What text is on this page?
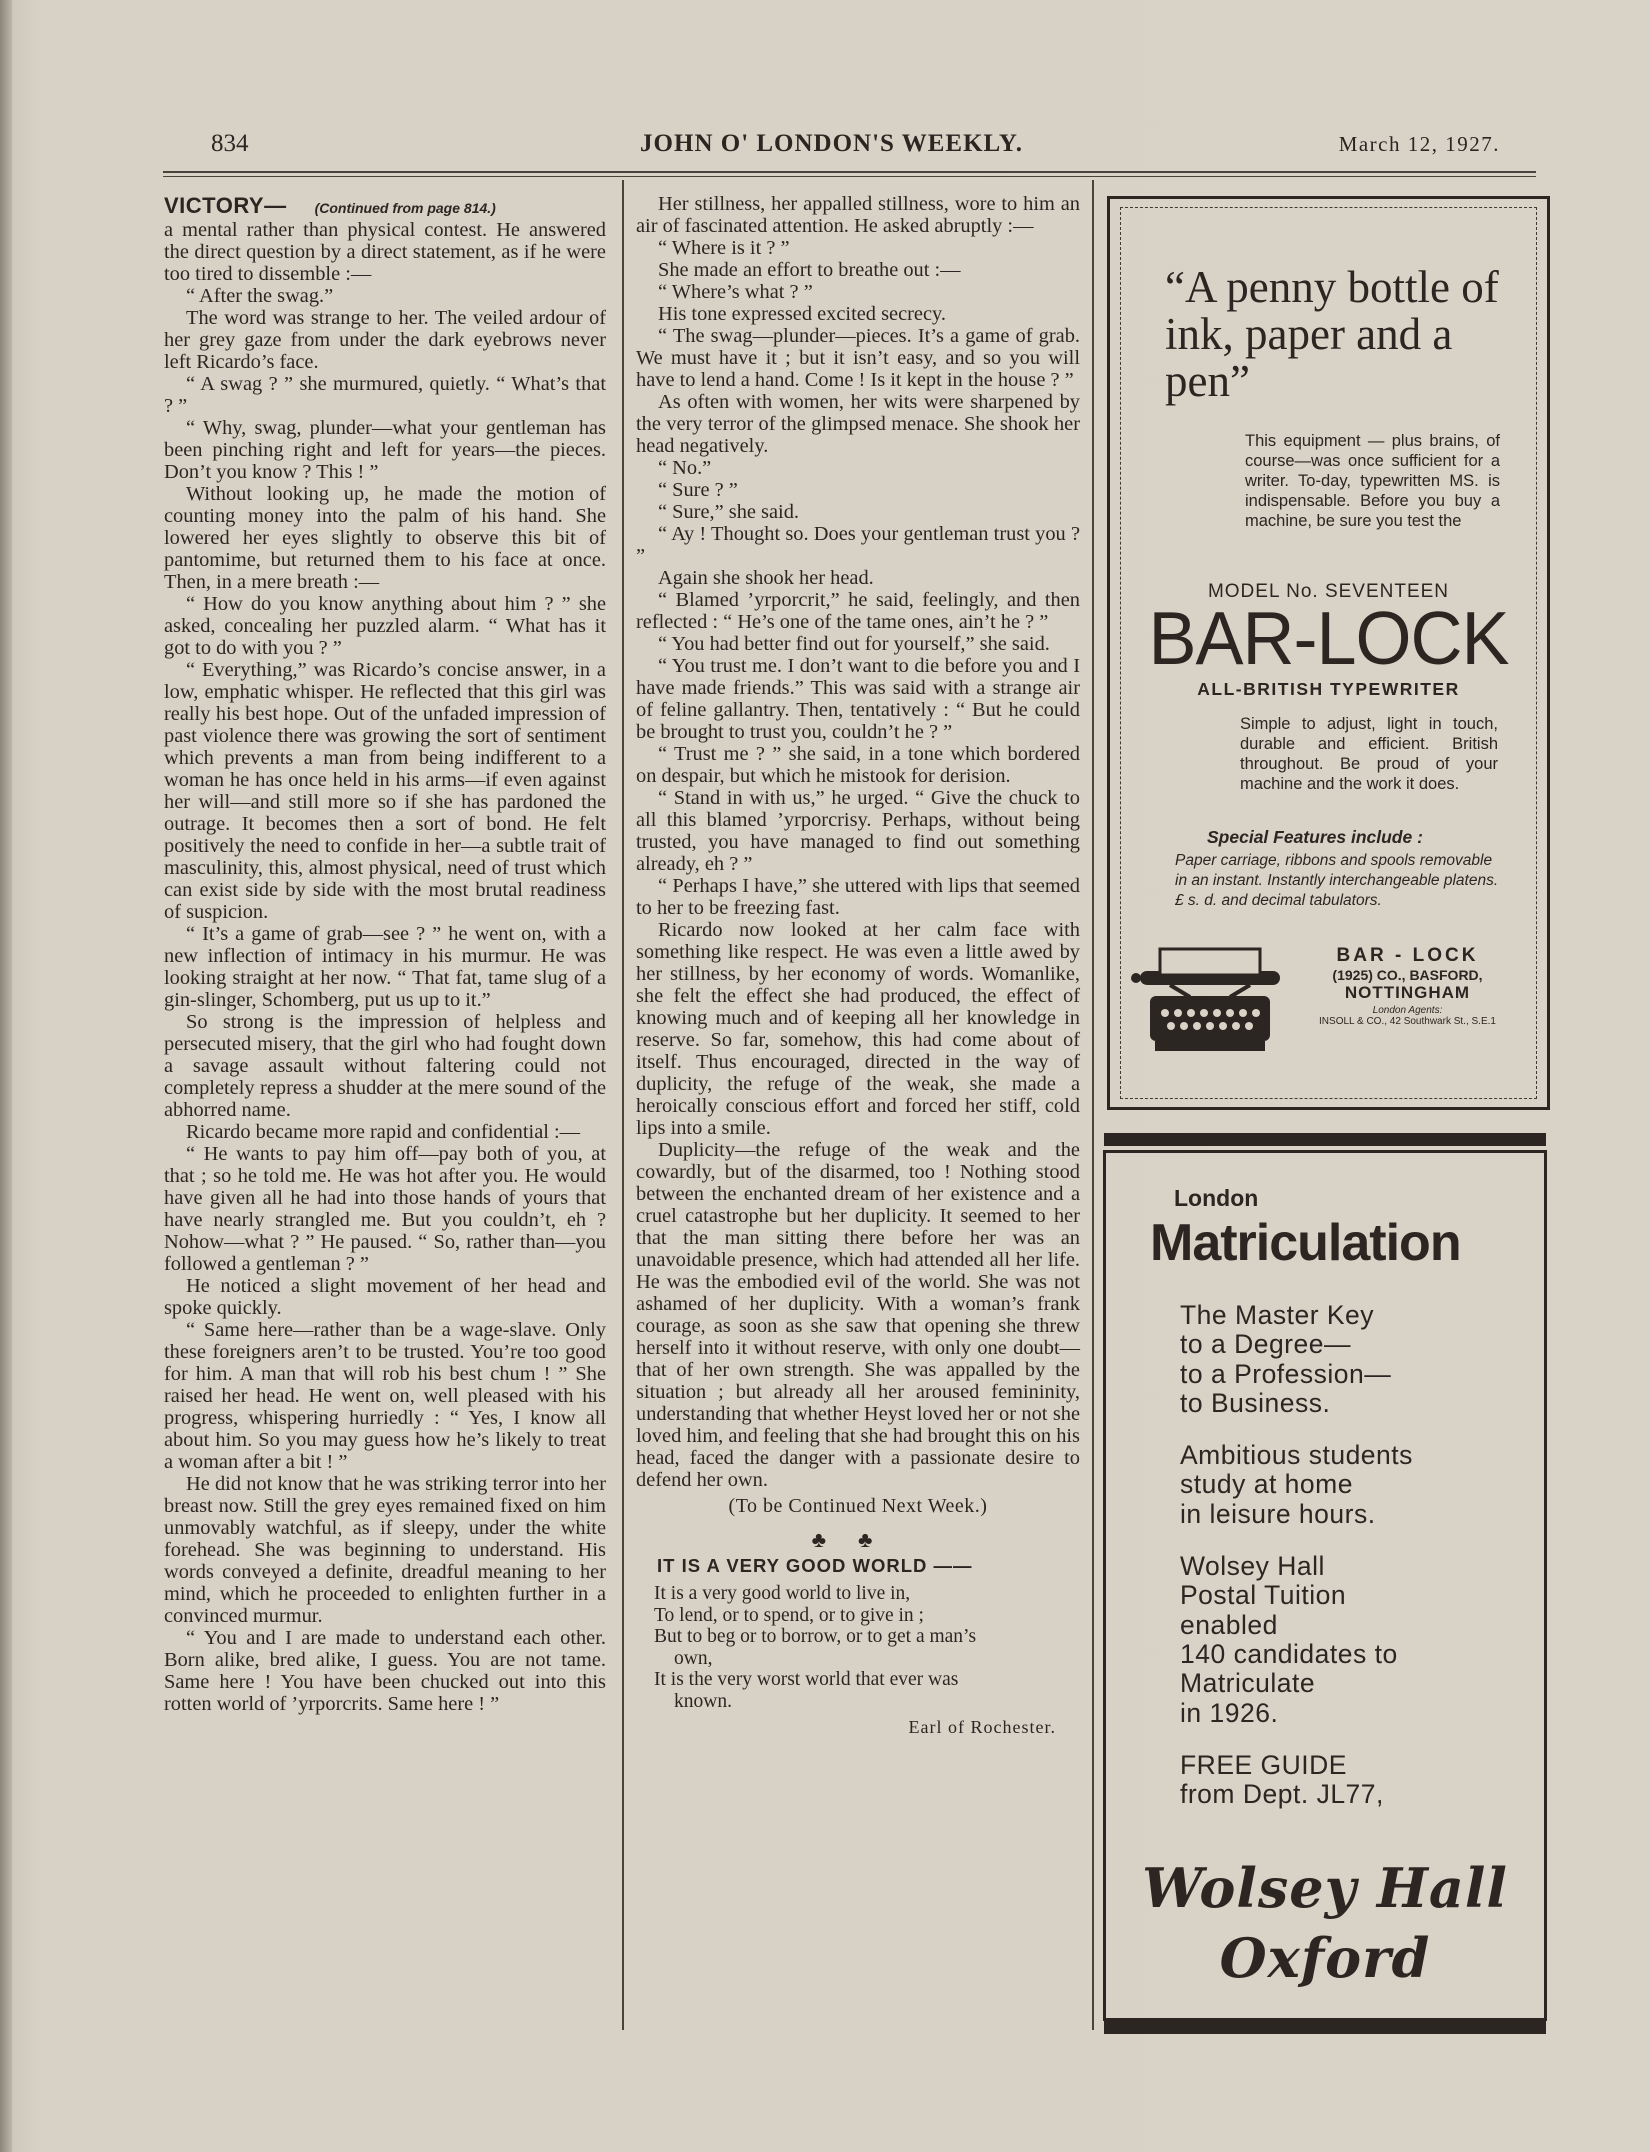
834	JOHN O' LONDON'S WEEKLY.	March 12, 1927.
VICTORY— (Continued from page 814.)

a mental rather than physical contest. He answered the direct question by a direct statement, as if he were too tired to dissemble :—

“ After the swag.”

The word was strange to her. The veiled ardour of her grey gaze from under the dark eyebrows never left Ricardo’s face.

“ A swag ? ” she murmured, quietly. “ What’s that ? ”

“ Why, swag, plunder—what your gentleman has been pinching right and left for years—the pieces. Don’t you know ? This ! ”

Without looking up, he made the motion of counting money into the palm of his hand. She lowered her eyes slightly to observe this bit of pantomime, but returned them to his face at once. Then, in a mere breath :—

“ How do you know anything about him ? ” she asked, concealing her puzzled alarm. “ What has it got to do with you ? ”

“ Everything,” was Ricardo’s concise answer, in a low, emphatic whisper. He reflected that this girl was really his best hope. Out of the unfaded impression of past violence there was growing the sort of sentiment which prevents a man from being indifferent to a woman he has once held in his arms—if even against her will—and still more so if she has pardoned the outrage. It becomes then a sort of bond. He felt positively the need to confide in her—a subtle trait of masculinity, this, almost physical, need of trust which can exist side by side with the most brutal readiness of suspicion.

“ It’s a game of grab—see ? ” he went on, with a new inflection of intimacy in his murmur. He was looking straight at her now. “ That fat, tame slug of a gin-slinger, Schomberg, put us up to it.”

So strong is the impression of helpless and persecuted misery, that the girl who had fought down a savage assault without faltering could not completely repress a shudder at the mere sound of the abhorred name.

Ricardo became more rapid and confidential :—

“ He wants to pay him off—pay both of you, at that ; so he told me. He was hot after you. He would have given all he had into those hands of yours that have nearly strangled me. But you couldn’t, eh ? Nohow—what ? ” He paused. “ So, rather than—you followed a gentleman ? ”

He noticed a slight movement of her head and spoke quickly.

“ Same here—rather than be a wage-slave. Only these foreigners aren’t to be trusted. You’re too good for him. A man that will rob his best chum ! ” She raised her head. He went on, well pleased with his progress, whispering hurriedly : “ Yes, I know all about him. So you may guess how he’s likely to treat a woman after a bit ! ”

He did not know that he was striking terror into her breast now. Still the grey eyes remained fixed on him unmovably watchful, as if sleepy, under the white forehead. She was beginning to understand. His words conveyed a definite, dreadful meaning to her mind, which he proceeded to enlighten further in a convinced murmur.

“ You and I are made to understand each other. Born alike, bred alike, I guess. You are not tame. Same here ! You have been chucked out into this rotten world of ’yrporcrits. Same here ! ”

Her stillness, her appalled stillness, wore to him an air of fascinated attention. He asked abruptly :—

“ Where is it ? ”

She made an effort to breathe out :—

“ Where’s what ? ”

His tone expressed excited secrecy.

“ The swag—plunder—pieces. It’s a game of grab. We must have it ; but it isn’t easy, and so you will have to lend a hand. Come ! Is it kept in the house ? ”

As often with women, her wits were sharpened by the very terror of the glimpsed menace. She shook her head negatively.

“ No.”

“ Sure ? ”

“ Sure,” she said.

“ Ay ! Thought so. Does your gentleman trust you ? ”

Again she shook her head.

“ Blamed ’yrporcrit,” he said, feelingly, and then reflected : “ He’s one of the tame ones, ain’t he ? ”

“ You had better find out for yourself,” she said.

“ You trust me. I don’t want to die before you and I have made friends.” This was said with a strange air of feline gallantry. Then, tentatively : “ But he could be brought to trust you, couldn’t he ? ”

“ Trust me ? ” she said, in a tone which bordered on despair, but which he mistook for derision.

“ Stand in with us,” he urged. “ Give the chuck to all this blamed ’yrporcrisy. Perhaps, without being trusted, you have managed to find out something already, eh ? ”

“ Perhaps I have,” she uttered with lips that seemed to her to be freezing fast.

Ricardo now looked at her calm face with something like respect. He was even a little awed by her stillness, by her economy of words. Womanlike, she felt the effect she had produced, the effect of knowing much and of keeping all her knowledge in reserve. So far, somehow, this had come about of itself. Thus encouraged, directed in the way of duplicity, the refuge of the weak, she made a heroically conscious effort and forced her stiff, cold lips into a smile.

Duplicity—the refuge of the weak and the cowardly, but of the disarmed, too ! Nothing stood between the enchanted dream of her existence and a cruel catastrophe but her duplicity. It seemed to her that the man sitting there before her was an unavoidable presence, which had attended all her life. He was the embodied evil of the world. She was not ashamed of her duplicity. With a woman’s frank courage, as soon as she saw that opening she threw herself into it without reserve, with only one doubt—that of her own strength. She was appalled by the situation ; but already all her aroused femininity, understanding that whether Heyst loved her or not she loved him, and feeling that she had brought this on his head, faced the danger with a passionate desire to defend her own.

(To be Continued Next Week.)
♣♣
IT IS A VERY GOOD WORLD ——
It is a very good world to live in,
To lend, or to spend, or to give in ;
But to beg or to borrow, or to get a man’s
own,
It is the very worst world that ever was
known.
Earl of Rochester.
“A penny bottle of ink, paper and a pen”
This equipment — plus brains, of course—was once sufficient for a writer. To-day, typewritten MS. is indispensable. Before you buy a machine, be sure you test the
MODEL No. SEVENTEEN
BAR-LOCK
ALL-BRITISH TYPEWRITER
Simple to adjust, light in touch, durable and efficient. British throughout. Be proud of your machine and the work it does.
Special Features include :
Paper carriage, ribbons and spools removable in an instant. Instantly interchangeable platens. £ s. d. and decimal tabulators.
BAR - LOCK
(1925) CO., BASFORD,
NOTTINGHAM
London Agents:
INSOLL & CO., 42 Southwark St., S.E.1
London
Matriculation
The Master Key
to a Degree—
to a Profession—
to Business.
Ambitious students
study at home
in leisure hours.
Wolsey Hall
Postal Tuition
enabled
140 candidates to
Matriculate
in 1926.
FREE GUIDE
from Dept. JL77,
Wolsey Hall
Oxford
